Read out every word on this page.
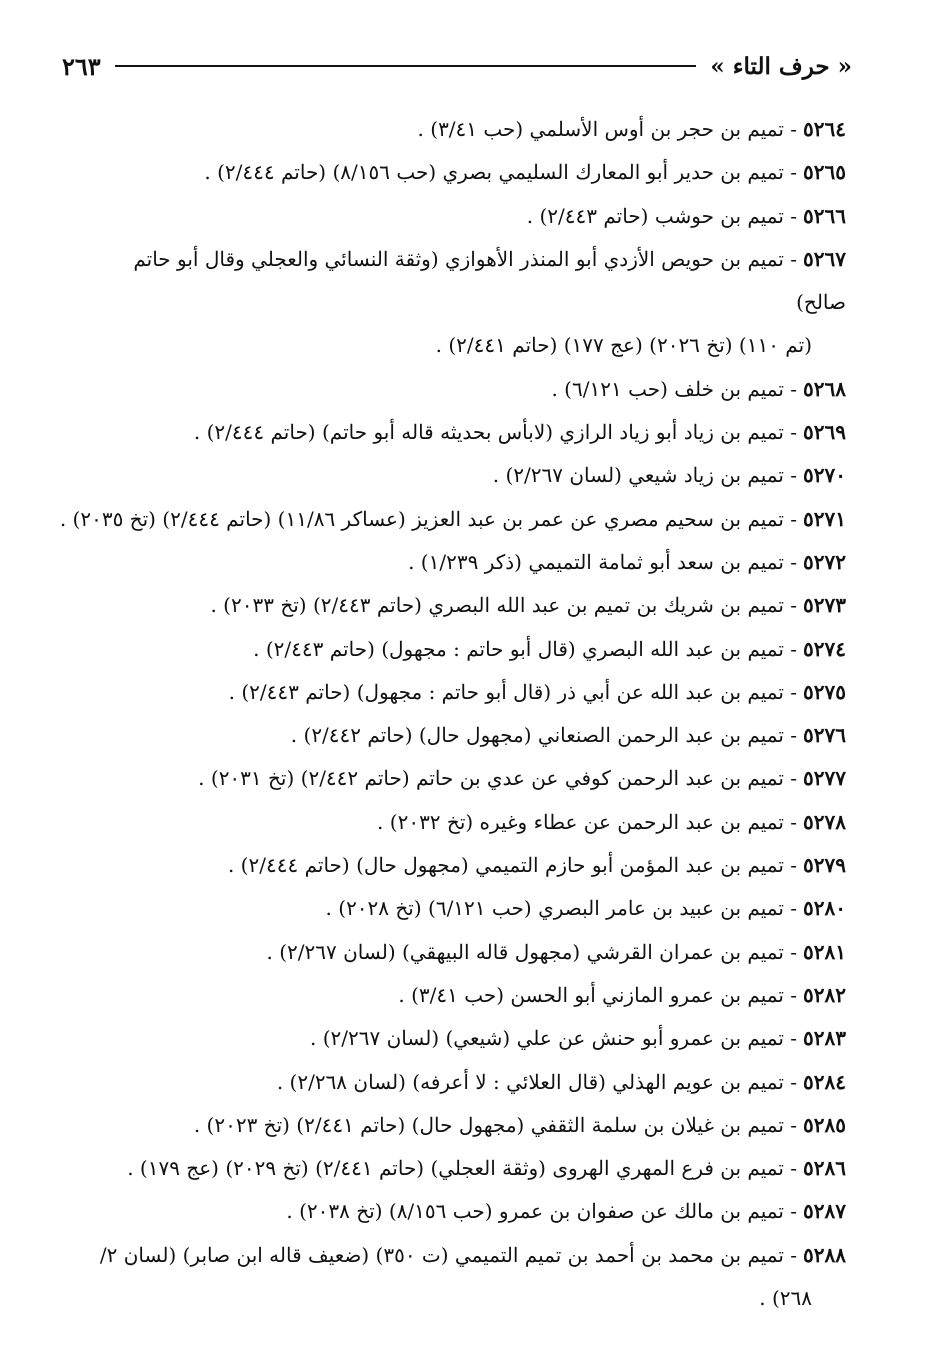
« حرف التاء »
٢٦٣
٥٢٦٤- تميم بن حجر بن أوس الأسلمي (حب ٣/٤١) .
٥٢٦٥- تميم بن حدير أبو المعارك السليمي بصري (حب ٨/١٥٦) (حاتم ٢/٤٤٤) .
٥٢٦٦- تميم بن حوشب (حاتم ٢/٤٤٣) .
٥٢٦٧- تميم بن حويص الأزدي أبو المنذر الأهوازي (وثقة النسائي والعجلي وقال أبو حاتم صالح)
(تم ١١٠) (تخ ٢٠٢٦) (عج ١٧٧) (حاتم ٢/٤٤١) .
٥٢٦٨- تميم بن خلف (حب ٦/١٢١) .
٥٢٦٩- تميم بن زياد أبو زياد الرازي (لابأس بحديثه قاله أبو حاتم) (حاتم ٢/٤٤٤) .
٥٢٧٠- تميم بن زياد شيعي (لسان ٢/٢٦٧) .
٥٢٧١- تميم بن سحيم مصري عن عمر بن عبد العزيز (عساكر ١١/٨٦) (حاتم ٢/٤٤٤) (تخ ٢٠٣٥) .
٥٢٧٢- تميم بن سعد أبو ثمامة التميمي (ذكر ١/٢٣٩) .
٥٢٧٣- تميم بن شريك بن تميم بن عبد الله البصري (حاتم ٢/٤٤٣) (تخ ٢٠٣٣) .
٥٢٧٤- تميم بن عبد الله البصري (قال أبو حاتم : مجهول) (حاتم ٢/٤٤٣) .
٥٢٧٥- تميم بن عبد الله عن أبي ذر (قال أبو حاتم : مجهول) (حاتم ٢/٤٤٣) .
٥٢٧٦- تميم بن عبد الرحمن الصنعاني (مجهول حال) (حاتم ٢/٤٤٢) .
٥٢٧٧- تميم بن عبد الرحمن كوفي عن عدي بن حاتم (حاتم ٢/٤٤٢) (تخ ٢٠٣١) .
٥٢٧٨- تميم بن عبد الرحمن عن عطاء وغيره (تخ ٢٠٣٢) .
٥٢٧٩- تميم بن عبد المؤمن أبو حازم التميمي (مجهول حال) (حاتم ٢/٤٤٤) .
٥٢٨٠- تميم بن عبيد بن عامر البصري (حب ٦/١٢١) (تخ ٢٠٢٨) .
٥٢٨١- تميم بن عمران القرشي (مجهول قاله البيهقي) (لسان ٢/٢٦٧) .
٥٢٨٢- تميم بن عمرو المازني أبو الحسن (حب ٣/٤١) .
٥٢٨٣- تميم بن عمرو أبو حنش عن علي (شيعي) (لسان ٢/٢٦٧) .
٥٢٨٤- تميم بن عويم الهذلي (قال العلائي : لا أعرفه) (لسان ٢/٢٦٨) .
٥٢٨٥- تميم بن غيلان بن سلمة الثقفي (مجهول حال) (حاتم ٢/٤٤١) (تخ ٢٠٢٣) .
٥٢٨٦- تميم بن فرع المهري الهروى (وثقة العجلي) (حاتم ٢/٤٤١) (تخ ٢٠٢٩) (عج ١٧٩) .
٥٢٨٧- تميم بن مالك عن صفوان بن عمرو (حب ٨/١٥٦) (تخ ٢٠٣٨) .
٥٢٨٨- تميم بن محمد بن أحمد بن تميم التميمي (ت ٣٥٠) (ضعيف قاله ابن صابر) (لسان ٢/
٢٦٨) .
